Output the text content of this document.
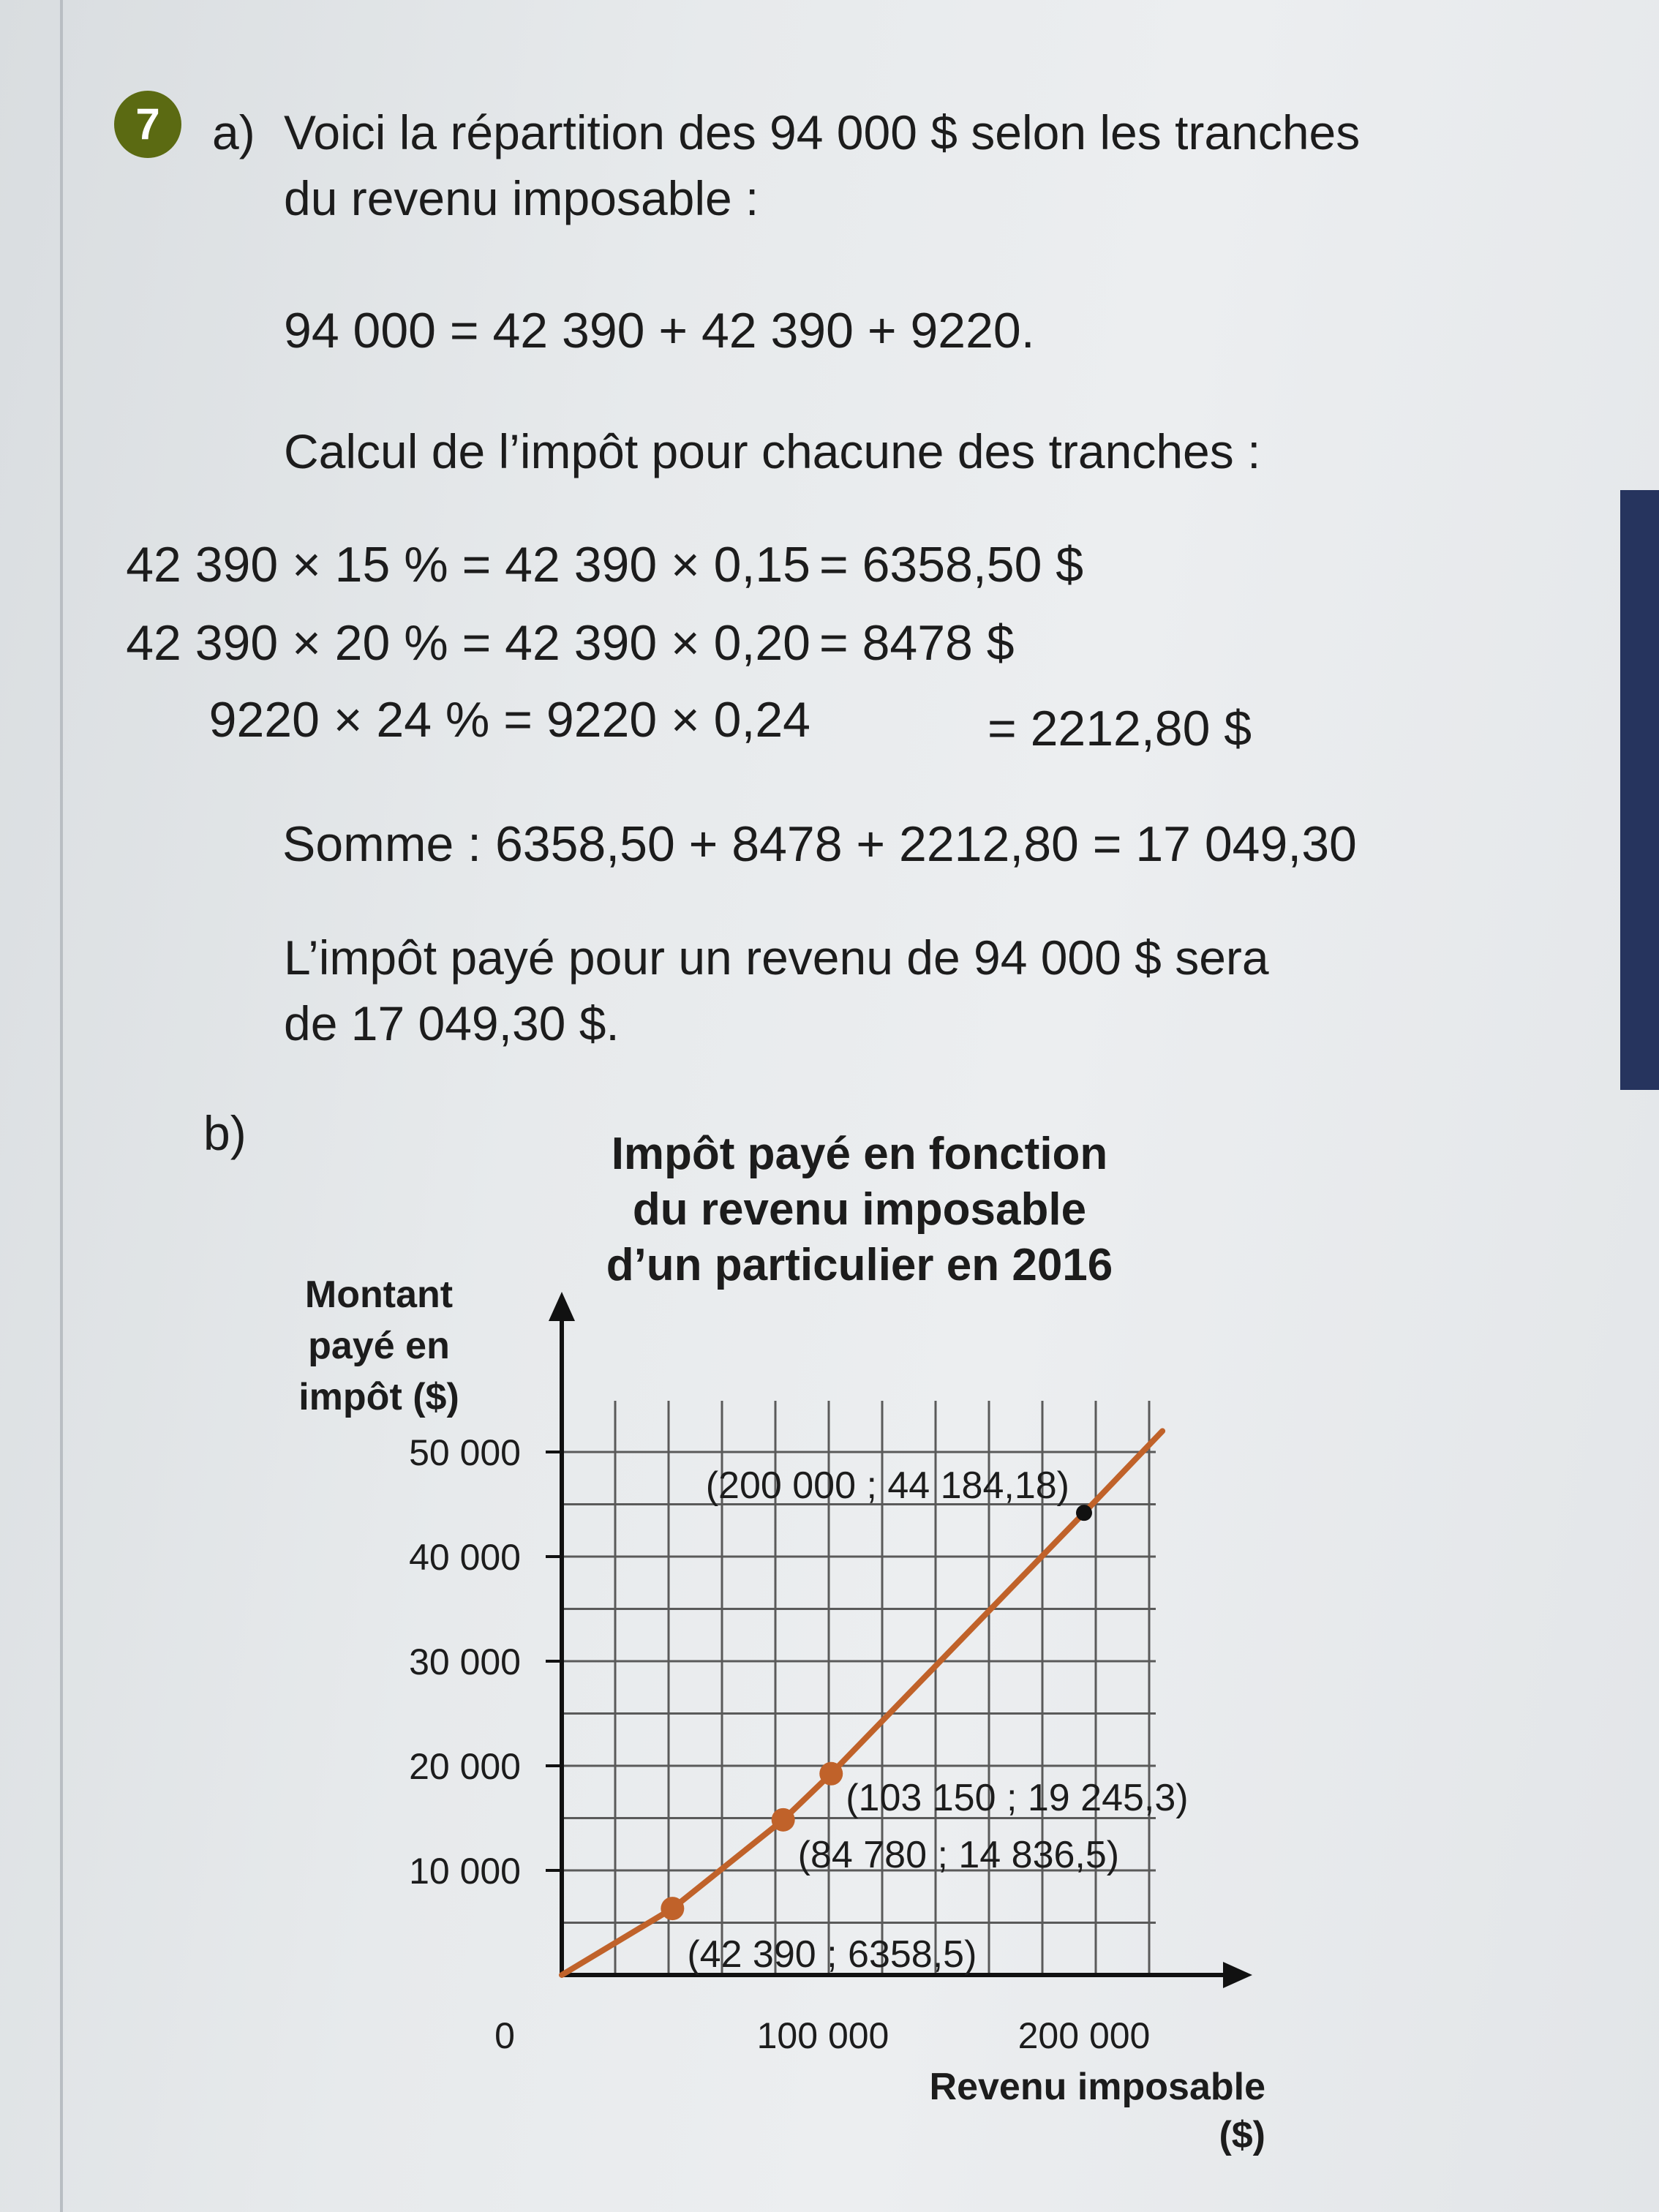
7	a) Voici la répartition des 94 000 $ selon les tranches
du revenu imposable :
94 000 = 42 390 + 42 390 + 9220.
Calcul de l’impôt pour chacune des tranches :
42 390 × 15 % = 42 390 × 0,15 = 6358,50 $
42 390 × 20 % = 42 390 × 0,20 = 8478 $
9220 × 24 % = 9220 × 0,24	= 2212,80 $
Somme : 6358,50 + 8478 + 2212,80 = 17 049,30
L’impôt payé pour un revenu de 94 000 $ sera
de 17 049,30 $.
b)	Impôt payé en fonction
du revenu imposable
d’un particulier en 2016
Montant
payé en
impôt ($)
Revenu imposable
($)
10 000
20 000
30 000
40 000
50 000
0	100 000	200 000
(42 390 ; 6358,5)
(84 780 ; 14 836,5)
(103 150 ; 19 245,3)
(200 000 ; 44 184,18)
